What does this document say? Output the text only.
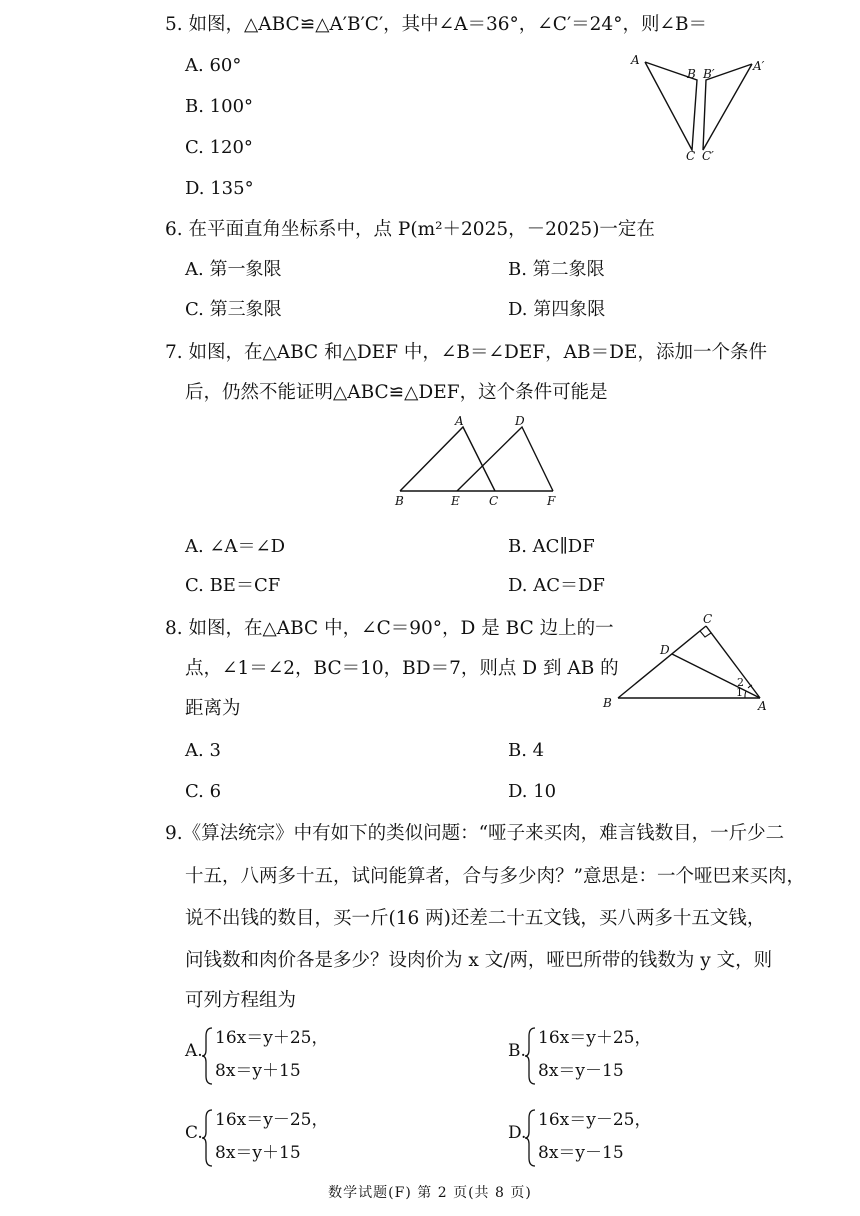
5. 如图，△ABC≌△A′B′C′，其中∠A＝36°，∠C′＝24°，则∠B＝
A. 60°
B. 100°
C. 120°
D. 135°
A
B B′
A′
C C′
6. 在平面直角坐标系中，点 P(m²＋2025，－2025)一定在
A. 第一象限	B. 第二象限
C. 第三象限	D. 第四象限
7. 如图，在△ABC 和△DEF 中，∠B＝∠DEF，AB＝DE，添加一个条件
后，仍然不能证明△ABC≌△DEF，这个条件可能是
A	D
B	E C	F
A. ∠A＝∠D	B. AC∥DF
C. BE＝CF	D. AC＝DF
8. 如图，在△ABC 中，∠C＝90°，D 是 BC 边上的一
点，∠1＝∠2，BC＝10，BD＝7，则点 D 到 AB 的
距离为
C
D
B	A
1
2
A. 3	B. 4
C. 6	D. 10
9.《算法统宗》中有如下的类似问题：“哑子来买肉，难言钱数目，一斤少二
十五，八两多十五，试问能算者，合与多少肉？”意思是：一个哑巴来买肉，
说不出钱的数目，买一斤(16 两)还差二十五文钱，买八两多十五文钱，
问钱数和肉价各是多少？设肉价为 x 文/两，哑巴所带的钱数为 y 文，则
可列方程组为
A.
16x＝y＋25，
8x＝y＋15
B.
16x＝y＋25，
8x＝y－15
C.
16x＝y－25，
8x＝y＋15
D.
16x＝y－25，
8x＝y－15
数学试题(F) 第 2 页(共 8 页)
